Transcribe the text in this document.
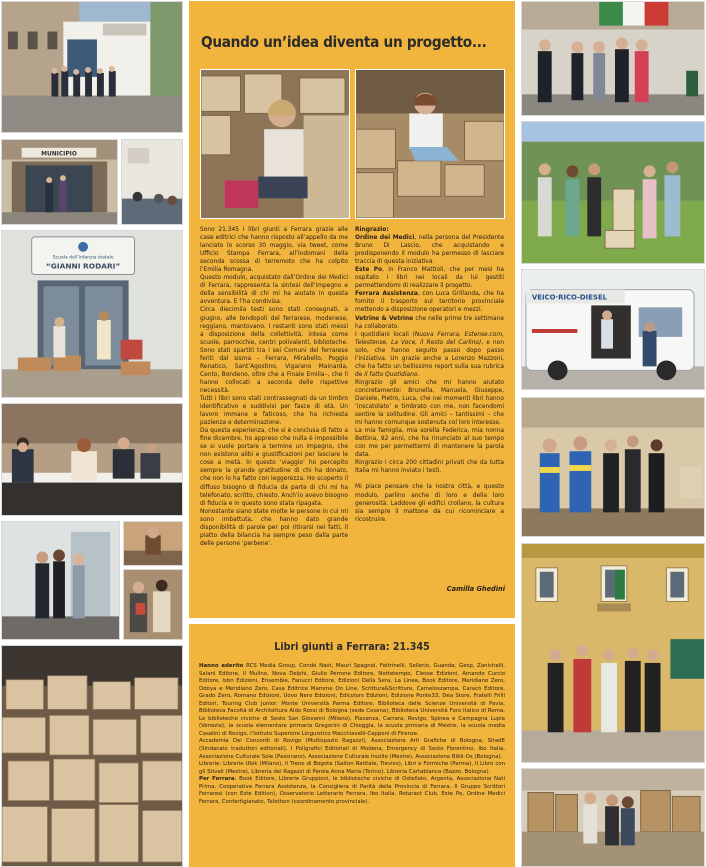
MUNICIPIO
Scuola dell’infanzia statale
“GIANNI RODARI”
VEICO·RICO-DIESEL
Quando un’idea diventa un progetto...

Sono 21.345 i libri giunti a Ferrara grazie alle case editrici che hanno risposto all’appello da me lanciato lo scorso 30 maggio, via tweet, come Ufficio Stampa Ferrara, all’indomani della seconda scossa di terremoto che ha colpito l’Emilia Romagna.

Questo modulo, acquistato dall’Ordine dei Medici di Ferrara, rappresenta la sintesi dell’impegno e della sensibilità di chi mi ha aiutato in questa avventura. E l’ha condivisa.

Circa diecimila testi sono stati consegnati, a giugno, alle tendopoli del ferrarese, modenese, reggiano, mantovano. I restanti sono stati messi a disposizione della collettività, intesa come scuole, parrocchie, centri polivalenti, biblioteche. Sono stati spartiti tra i sei Comuni del ferrarese feriti dal sisma – Ferrara, Mirabello, Poggio Renatico, Sant’Agostino, Vigarano Mainarda, Cento, Bondeno, oltre che a Finale Emilia–, che li hanno collocati a seconda delle rispettive necessità.

Tutti i libri sono stati contrassegnati da un timbro identificativo e suddivisi per fasce di età. Un lavoro immane e faticoso, che ha richiesta pazienza e determinazione.

Da questa esperienza, che si è conclusa di fatto a fine dicembre, ho appreso che nulla è impossibile se si vuole portare a termine un impegno, che non esistono alibi e giustificazioni per lasciare le cose a metà. In questo ‘viaggio’ ho percepito sempre la grande gratitudine di chi ha donato, che non lo ha fatto con leggerezza. Ho scoperto il diffuso bisogno di fiducia da parte di chi mi ha telefonato, scritto, chiesto. Anch’io avevo bisogno di fiducia e in questo sono stata ripagata.

Nonostante siano state molte le persone in cui mi sono imbattuta, che hanno dato grande disponibilità di parole per poi ritirarsi nei fatti, il piatto della bilancia ha sempre peso dalla parte delle persone ‘perbene’.

Ringrazio:

Ordine dei Medici, nella persona del Presidente Bruno Di Lascio, che acquistando e predisponendo il modulo ha permesso di lasciare traccia di questa iniziativa.

Este Po, in Franco Mattioli, che per mesi ha ospitato i libri nei locali da lui gestiti permettendomi di realizzare il progetto.

Ferrara Assistenza, con Luca Grillanda, che ha fornito il trasporto sul territorio provinciale mettendo a disposizione operatori e mezzi.

Vetrine & Vetrine che nelle prime tre settimane ha collaborato.

I quotidiani locali (Nuova Ferrara, Estense.com, Telestense, La Voce, il Resto del Carlino), e non solo, che hanno seguito passo dopo passo l’iniziativa. Un grazie anche a Lorenzo Mazzoni, che ha fatto un bellissimo report sulla sua rubrica de il fatto Quotidiano.

Ringrazio gli amici che mi hanno aiutato concretamente: Brunella, Manuela, Giuseppe, Daniele, Pietro, Luca, che nei momenti libri hanno ‘inscatolato’ e timbrato con me, non facendomi sentire la solitudine. Gli amici – tantissimi – che mi hanno comunque sostenuta col loro interesse.

La mia famiglia, mia sorella Federica, mia nonna Bettina, 92 anni, che ha rinunciato al suo tempo con me per permettermi di mantenere la parola data.

Ringrazio i circa 200 cittadini privati che da tutta Italia mi hanno inviato i testi.

Mi piace pensare che la nostra città, e questo modulo, parlino anche di loro e della loro generosità. Laddove gli edifici crollano, la cultura sia sempre il mattone da cui ricominciare a ricostruire.

Camilla Ghedini
Libri giunti a Ferrara: 21.345

Hanno aderito RCS Media Group, Condé Nast, Mauri Spagnol, Feltrinelli, Sellerio, Guanda, Gesp, Zanichelli, Salani Editore, Il Mulino, Nova Delphi, Giulio Perrone Editore, Nottetempo, Clesse Edizioni, Amando Curcio Editore, Isbn Edizioni, Ensemble, Fanucci Editore, Edizioni Della Sera, La Linea, Book Editore, Meridiano Zero, Odoya e Meridiano Zero, Casa Editrice Mamme On Line, Scrittura&Scritture, Cameloszampa, Caracò Editore, Grado Zero, Romano Edizioni, Uovo Nero Edizioni, Edicolors Edizioni, Edizione Ponte33, Dea Store, Fratelli Frilli Editori, Touring Club Junior. Monte Università Parma Editore, Biblioteca delle Scienze Università di Pavia, Biblioteca Facoltà di Architettura Aldo Rossi di Bologna (sede Cesena), Biblioteca Università Foro Italico di Roma. Le biblioteche civiche di Sesto San Giovanni (Milano), Piacenza, Carrara, Rovigo, Spinea e Campagna Lupia (Venezia), la scuola elementare primaria Gregorini di Chioggia, la scuola primaria di Mestre, la scuola media Casalini di Rovigo, l’Istituto Superiore Linguistico Macchiavelli-Capponi di Firenze.

Accademia Dei Concordi di Rovigo (Multispazio Ragazzi), Associazione Arti Grafiche di Bologna, SIradE (Sindacato traduttori editoriali), I Poligrafici Editoriali di Modena, Emergency di Sesto Fiorentino, Ibo Italia, Associazione Culturale Sole (Passirano), Associazione Culturale Inutile (Mestre), Associazione Bibli-Os (Bologna).

Librerie: Librerie Ubik (Milano), Il Treno di Bogota (Salton Ratitale, Treviso), Libri e Formiche (Parma), Il Libro con gli Stivali (Mestre), Libreria dei Ragazzi di Parola Anna Maria (Torino), Libreria Cartabianca (Bazzo, Bologna).

Per Ferrara: Book Editore, Librerie Gruppioni, le biblioteche civiche di Ostellato, Argenta, Associazione Nati Prima, Cooperativa Ferrara Assistenza, la Consigliera di Parità della Provincia di Ferrara, Il Gruppo Scrittori Ferraresi (con Este Edition), Osservatorio Letterario Ferrara, Ibo Italia, Rotaract Club, Este Po, Ordine Medici Ferrara, Confartigianato, Telethon (coordinamento provinciale).
